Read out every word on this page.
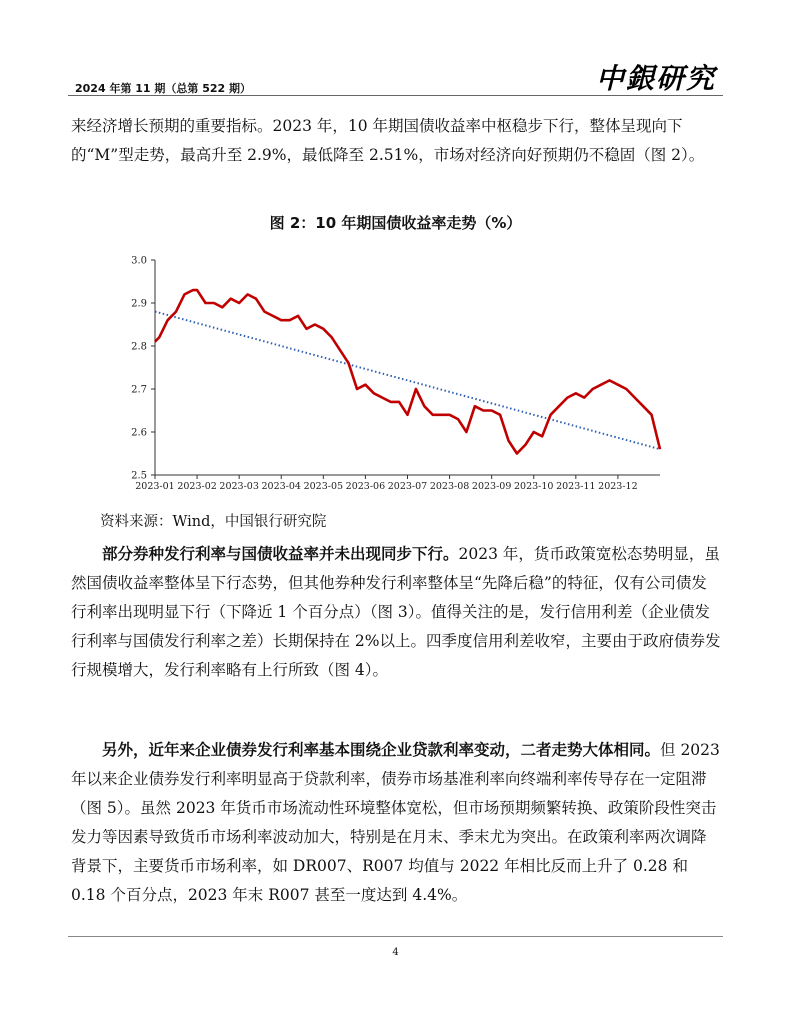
2024 年第 11 期（总第 522 期）	中銀研究
来经济增长预期的重要指标。2023 年，10 年期国债收益率中枢稳步下行，整体呈现向下的“M”型走势，最高升至 2.9%，最低降至 2.51%，市场对经济向好预期仍不稳固（图 2）。
图 2：10 年期国债收益率走势（%）
2.5
2.6
2.7
2.8
2.9
3.0
2023-01 2023-02 2023-03 2023-04 2023-05 2023-06 2023-07 2023-08 2023-09 2023-10 2023-11 2023-12
资料来源：Wind，中国银行研究院
部分券种发行利率与国债收益率并未出现同步下行。2023 年，货币政策宽松态势明显，虽然国债收益率整体呈下行态势，但其他券种发行利率整体呈“先降后稳”的特征，仅有公司债发行利率出现明显下行（下降近 1 个百分点）（图 3）。值得关注的是，发行信用利差（企业债发行利率与国债发行利率之差）长期保持在 2%以上。四季度信用利差收窄，主要由于政府债券发行规模增大，发行利率略有上行所致（图 4）。
另外，近年来企业债券发行利率基本围绕企业贷款利率变动，二者走势大体相同。但 2023 年以来企业债券发行利率明显高于贷款利率，债券市场基准利率向终端利率传导存在一定阻滞（图 5）。虽然 2023 年货币市场流动性环境整体宽松，但市场预期频繁转换、政策阶段性突击发力等因素导致货币市场利率波动加大，特别是在月末、季末尤为突出。在政策利率两次调降背景下，主要货币市场利率，如 DR007、R007 均值与 2022 年相比反而上升了 0.28 和 0.18 个百分点，2023 年末 R007 甚至一度达到 4.4%。
4
